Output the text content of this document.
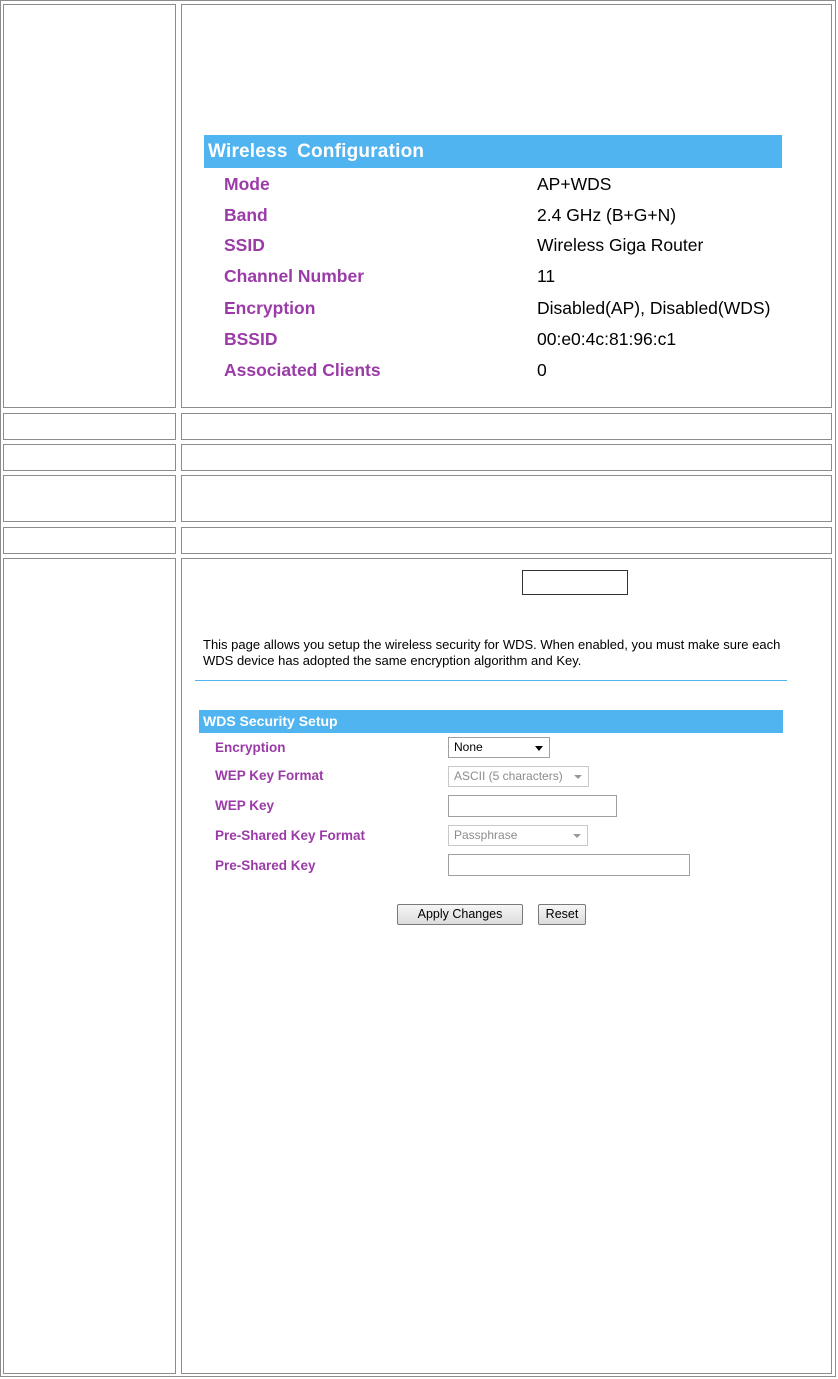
Wireless Configuration
Mode	AP+WDS
Band	2.4 GHz (B+G+N)
SSID	Wireless Giga Router
Channel Number	11
Encryption	Disabled(AP), Disabled(WDS)
BSSID	00:e0:4c:81:96:c1
Associated Clients	0
This page allows you setup the wireless security for WDS. When enabled, you must make sure each WDS device has adopted the same encryption algorithm and Key.
WDS Security Setup
Encryption	None
WEP Key Format	ASCII (5 characters)
WEP Key
Pre-Shared Key Format	Passphrase
Pre-Shared Key
Apply Changes	Reset
